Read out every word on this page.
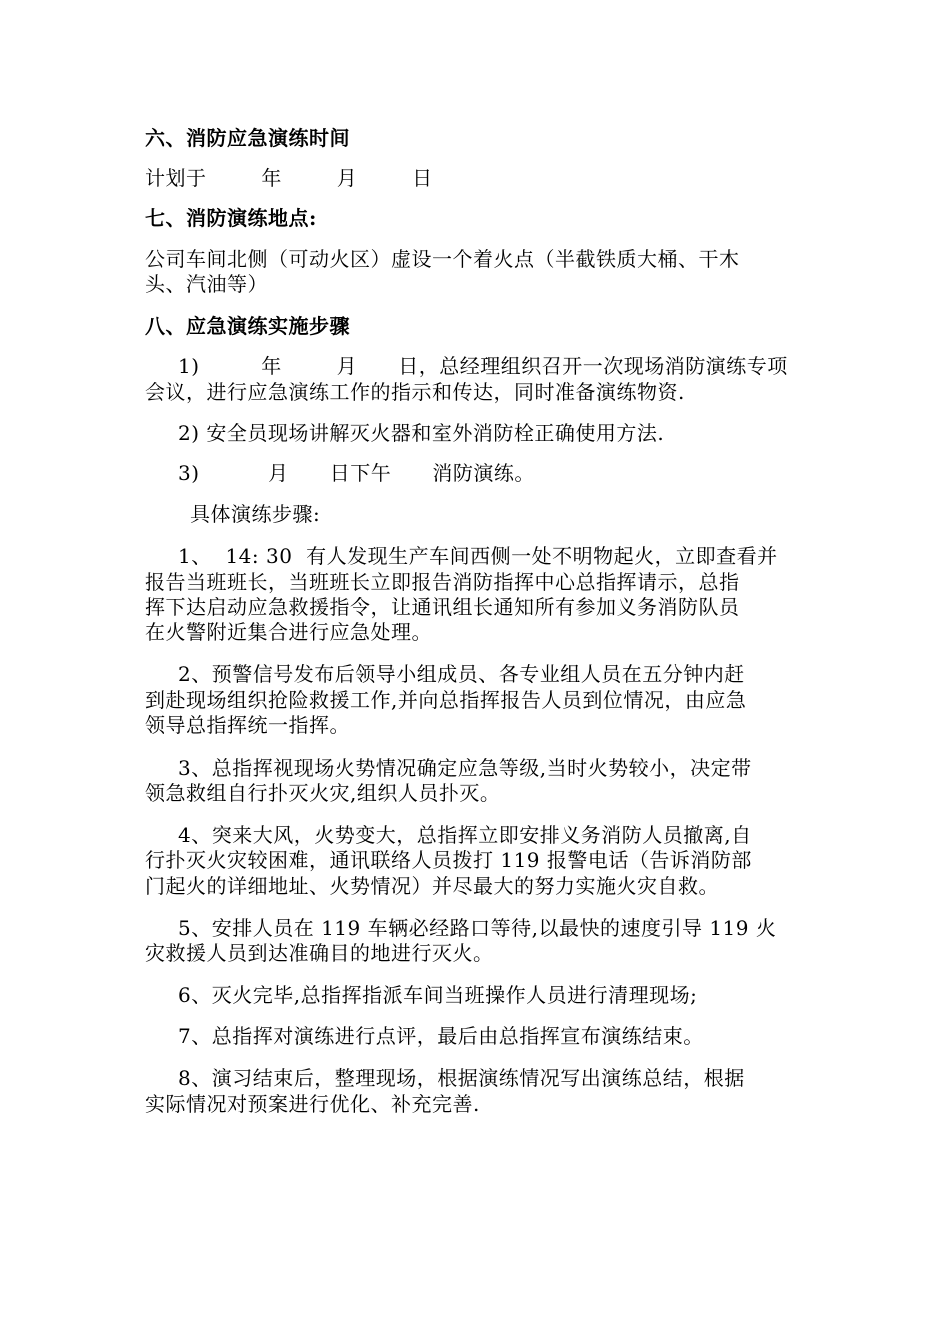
六、消防应急演练时间
计划于        年        月        日
七、消防演练地点:
公司车间北侧（可动火区）虚设一个着火点（半截铁质大桶、干木
头、汽油等）
八、应急演练实施步骤
1)         年        月      日，总经理组织召开一次现场消防演练专项
会议，进行应急演练工作的指示和传达，同时准备演练物资.
2) 安全员现场讲解灭火器和室外消防栓正确使用方法.
3)          月      日下午      消防演练。
具体演练步骤:
1、  14: 30  有人发现生产车间西侧一处不明物起火，立即查看并
报告当班班长，当班班长立即报告消防指挥中心总指挥请示，总指
挥下达启动应急救援指令，让通讯组长通知所有参加义务消防队员
在火警附近集合进行应急处理。
2、预警信号发布后领导小组成员、各专业组人员在五分钟内赶
到赴现场组织抢险救援工作,并向总指挥报告人员到位情况，由应急
领导总指挥统一指挥。
3、总指挥视现场火势情况确定应急等级,当时火势较小，决定带
领急救组自行扑灭火灾,组织人员扑灭。
4、突来大风，火势变大，总指挥立即安排义务消防人员撤离,自
行扑灭火灾较困难，通讯联络人员拨打 119 报警电话（告诉消防部
门起火的详细地址、火势情况）并尽最大的努力实施火灾自救。
5、安排人员在 119 车辆必经路口等待,以最快的速度引导 119 火
灾救援人员到达准确目的地进行灭火。
6、灭火完毕,总指挥指派车间当班操作人员进行清理现场;
7、总指挥对演练进行点评，最后由总指挥宣布演练结束。
8、演习结束后，整理现场，根据演练情况写出演练总结，根据
实际情况对预案进行优化、补充完善.
